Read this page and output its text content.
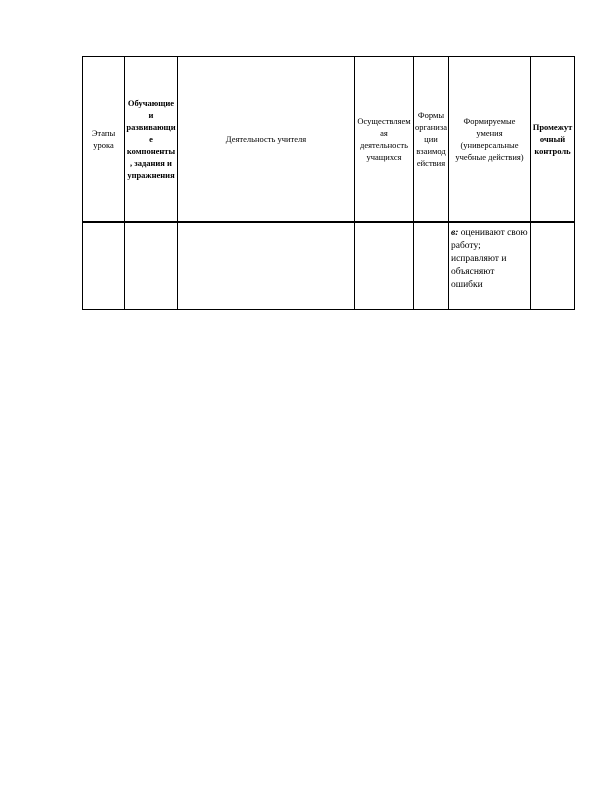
Этапы урока	Обучающие и развивающие компоненты, задания и упражнения	Деятельность учителя	Осуществляемая деятельность учащихся	Формы организации взаимодействия	Формируемые умения (универсальные учебные действия)	Промежуточный контроль
					в: оценивают свою работу; исправляют и объясняют ошибки	
